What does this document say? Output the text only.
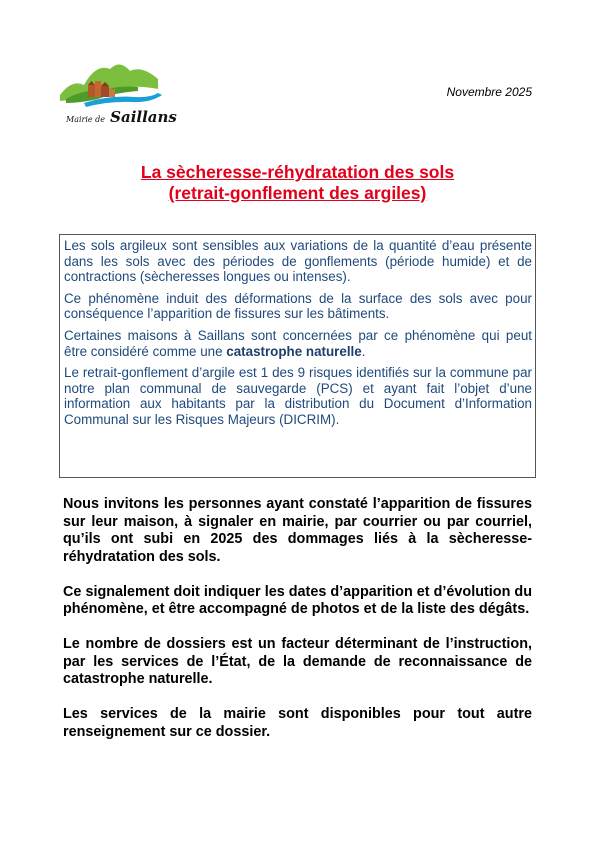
Mairie de Saillans
Novembre 2025
La sècheresse-réhydratation des sols
(retrait-gonflement des argiles)

Les sols argileux sont sensibles aux variations de la quantité d’eau présente dans les sols avec des périodes de gonflements (période humide) et de contractions (sècheresses longues ou intenses).

Ce phénomène induit des déformations de la surface des sols avec pour conséquence l’apparition de fissures sur les bâtiments.

Certaines maisons à Saillans sont concernées par ce phénomène qui peut être considéré comme une catastrophe naturelle.

Le retrait-gonflement d’argile est 1 des 9 risques identifiés sur la commune par notre plan communal de sauvegarde (PCS) et ayant fait l’objet d’une information aux habitants par la distribution du Document d’Information Communal sur les Risques Majeurs (DICRIM).

Nous invitons les personnes ayant constaté l’apparition de fissures sur leur maison, à signaler en mairie, par courrier ou par courriel, qu’ils ont subi en 2025 des dommages liés à la sècheresse-réhydratation des sols.

Ce signalement doit indiquer les dates d’apparition et d’évolution du phénomène, et être accompagné de photos et de la liste des dégâts.

Le nombre de dossiers est un facteur déterminant de l’instruction, par les services de l’État, de la demande de reconnaissance de catastrophe naturelle.

Les services de la mairie sont disponibles pour tout autre renseignement sur ce dossier.
